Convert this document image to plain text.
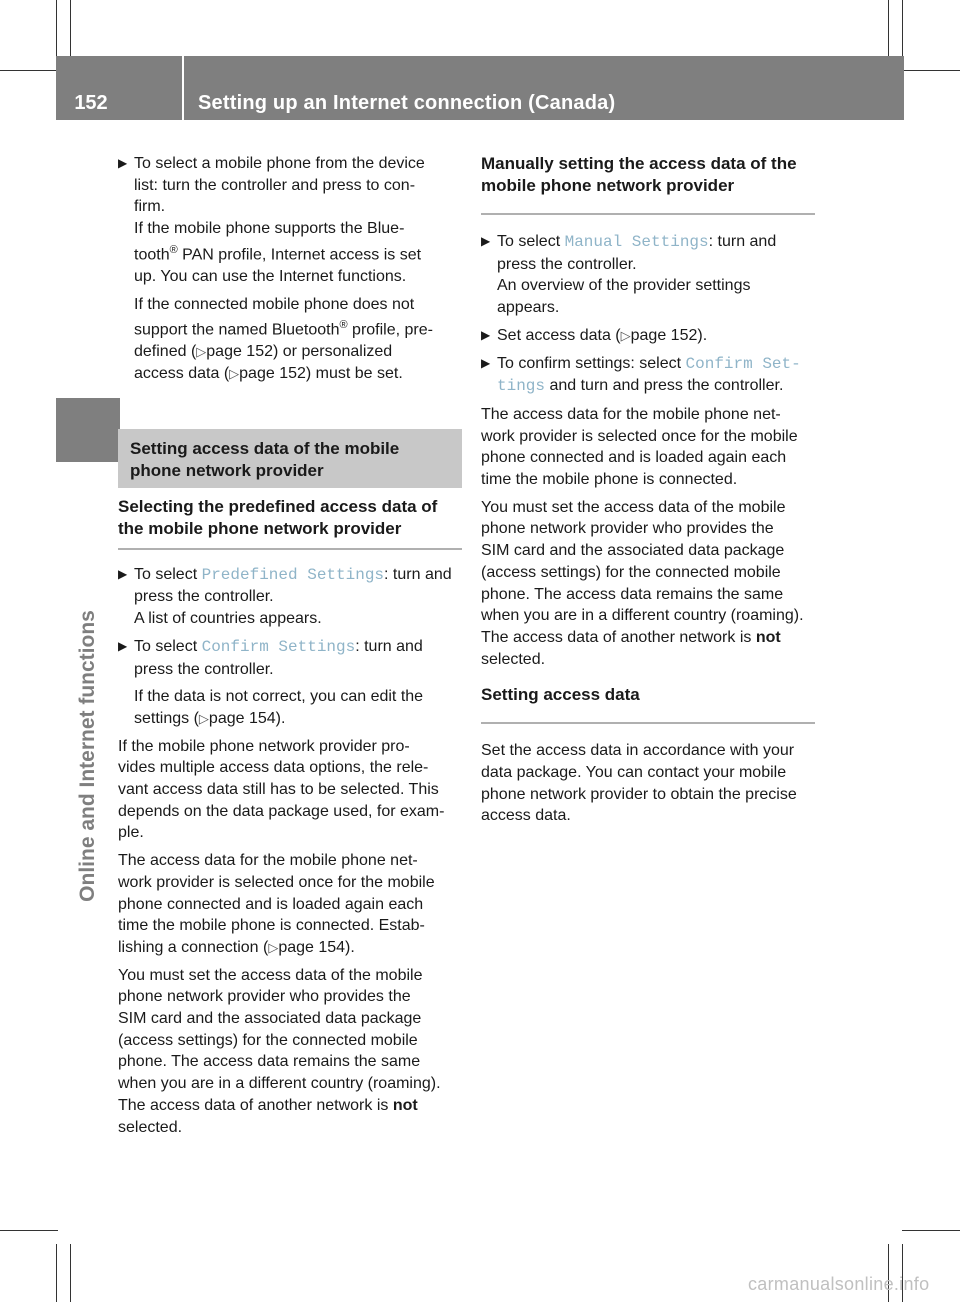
152	Setting up an Internet connection (Canada)
Online and Internet functions
▶ To select a mobile phone from the device
list: turn the controller and press to con-
firm.
If the mobile phone supports the Blue-
tooth® PAN profile, Internet access is set
up. You can use the Internet functions.
If the connected mobile phone does not
support the named Bluetooth® profile, pre-
defined (▷page 152) or personalized
access data (▷page 152) must be set.
Setting access data of the mobile
phone network provider
Selecting the predefined access data of
the mobile phone network provider
▶ To select Predefined Settings: turn and
press the controller.
A list of countries appears.
▶ To select Confirm Settings: turn and
press the controller.
If the data is not correct, you can edit the
settings (▷page 154).

If the mobile phone network provider pro-
vides multiple access data options, the rele-
vant access data still has to be selected. This
depends on the data package used, for exam-
ple.

The access data for the mobile phone net-
work provider is selected once for the mobile
phone connected and is loaded again each
time the mobile phone is connected. Estab-
lishing a connection (▷page 154).

You must set the access data of the mobile
phone network provider who provides the
SIM card and the associated data package
(access settings) for the connected mobile
phone. The access data remains the same
when you are in a different country (roaming).
The access data of another network is not
selected.

Manually setting the access data of the
mobile phone network provider
▶ To select Manual Settings: turn and
press the controller.
An overview of the provider settings
appears.
▶ Set access data (▷page 152).
▶ To confirm settings: select Confirm Set‐
tings and turn and press the controller.

The access data for the mobile phone net-
work provider is selected once for the mobile
phone connected and is loaded again each
time the mobile phone is connected.

You must set the access data of the mobile
phone network provider who provides the
SIM card and the associated data package
(access settings) for the connected mobile
phone. The access data remains the same
when you are in a different country (roaming).
The access data of another network is not
selected.

Setting access data

Set the access data in accordance with your
data package. You can contact your mobile
phone network provider to obtain the precise
access data.

carmanualsonline.info
